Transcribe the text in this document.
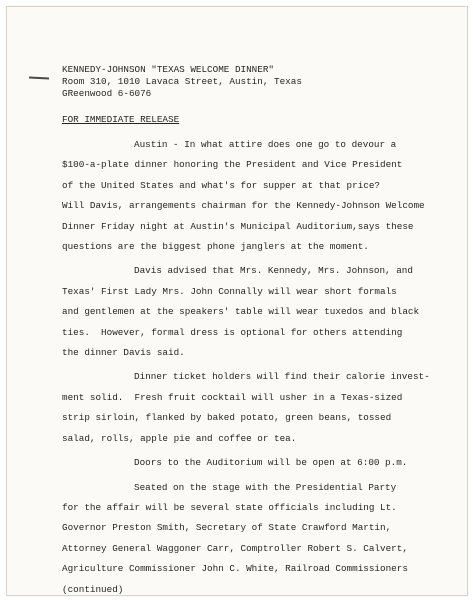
KENNEDY-JOHNSON "TEXAS WELCOME DINNER"
Room 310, 1010 Lavaca Street, Austin, Texas
GReenwood 6-6076
FOR IMMEDIATE RELEASE
Austin - In what attire does one go to devour a
$100-a-plate dinner honoring the President and Vice President
of the United States and what's for supper at that price?
Will Davis, arrangements chairman for the Kennedy-Johnson Welcome
Dinner Friday night at Austin's Municipal Auditorium,says these
questions are the biggest phone janglers at the moment.
Davis advised that Mrs. Kennedy, Mrs. Johnson, and
Texas' First Lady Mrs. John Connally will wear short formals
and gentlemen at the speakers' table will wear tuxedos and black
ties.  However, formal dress is optional for others attending
the dinner Davis said.
Dinner ticket holders will find their calorie invest-
ment solid.  Fresh fruit cocktail will usher in a Texas-sized
strip sirloin, flanked by baked potato, green beans, tossed
salad, rolls, apple pie and coffee or tea.
Doors to the Auditorium will be open at 6:00 p.m.
Seated on the stage with the Presidential Party
for the affair will be several state officials including Lt.
Governor Preston Smith, Secretary of State Crawford Martin,
Attorney General Waggoner Carr, Comptroller Robert S. Calvert,
Agriculture Commissioner John C. White, Railroad Commissioners
(continued)
